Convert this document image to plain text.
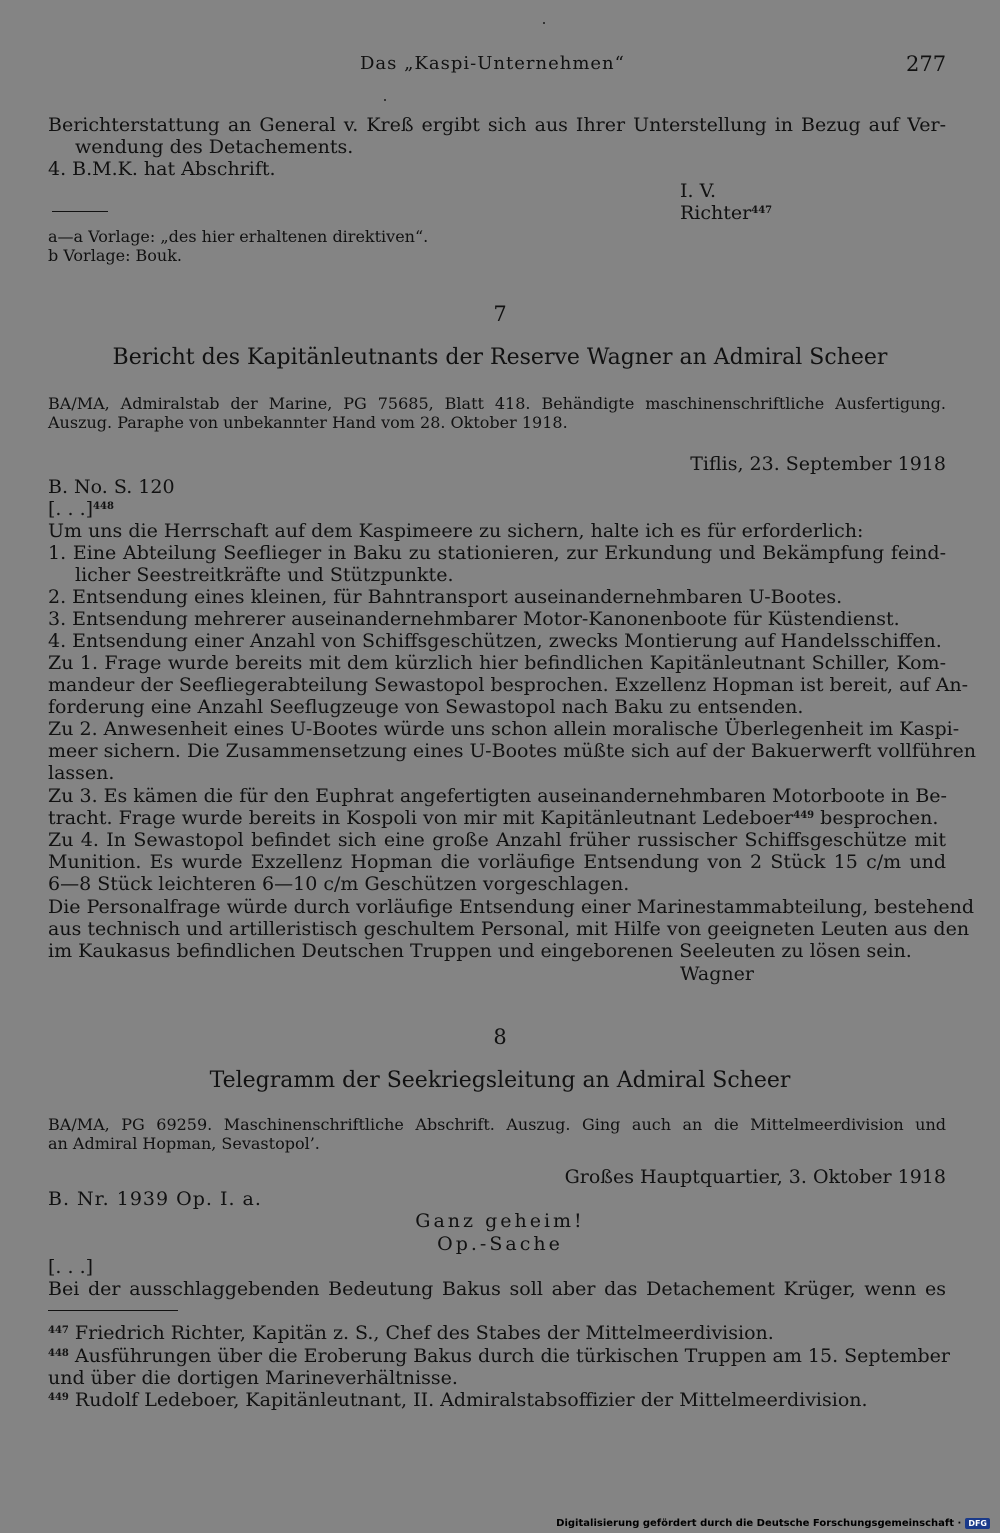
Das „Kaspi-Unternehmen“	277
Berichterstattung an General v. Kreß ergibt sich aus Ihrer Unterstellung in Bezug auf Ver-
wendung des Detachements.
4. B.M.K. hat Abschrift.
I. V.
Richter$^{447}$
a—a Vorlage: „des hier erhaltenen direktiven“.
b Vorlage: Bouk.
7
Bericht des Kapitänleutnants der Reserve Wagner an Admiral Scheer
BA/MA, Admiralstab der Marine, PG 75685, Blatt 418. Behändigte maschinenschriftliche Ausfertigung.
Auszug. Paraphe von unbekannter Hand vom 28. Oktober 1918.
Tiflis, 23. September 1918
B. No. S. 120
[. . .]$^{448}$
Um uns die Herrschaft auf dem Kaspimeere zu sichern, halte ich es für erforderlich:
1. Eine Abteilung Seeflieger in Baku zu stationieren, zur Erkundung und Bekämpfung feind-
licher Seestreitkräfte und Stützpunkte.
2. Entsendung eines kleinen, für Bahntransport auseinandernehmbaren U-Bootes.
3. Entsendung mehrerer auseinandernehmbarer Motor-Kanonenboote für Küstendienst.
4. Entsendung einer Anzahl von Schiffsgeschützen, zwecks Montierung auf Handelsschiffen.
Zu 1. Frage wurde bereits mit dem kürzlich hier befindlichen Kapitänleutnant Schiller, Kom-
mandeur der Seefliegerabteilung Sewastopol besprochen. Exzellenz Hopman ist bereit, auf An-
forderung eine Anzahl Seeflugzeuge von Sewastopol nach Baku zu entsenden.
Zu 2. Anwesenheit eines U-Bootes würde uns schon allein moralische Überlegenheit im Kaspi-
meer sichern. Die Zusammensetzung eines U-Bootes müßte sich auf der Bakuerwerft vollführen
lassen.
Zu 3. Es kämen die für den Euphrat angefertigten auseinandernehmbaren Motorboote in Be-
tracht. Frage wurde bereits in Kospoli von mir mit Kapitänleutnant Ledeboer$^{449}$ besprochen.
Zu 4. In Sewastopol befindet sich eine große Anzahl früher russischer Schiffsgeschütze mit
Munition. Es wurde Exzellenz Hopman die vorläufige Entsendung von 2 Stück 15 c/m und
6—8 Stück leichteren 6—10 c/m Geschützen vorgeschlagen.
Die Personalfrage würde durch vorläufige Entsendung einer Marinestammabteilung, bestehend
aus technisch und artilleristisch geschultem Personal, mit Hilfe von geeigneten Leuten aus den
im Kaukasus befindlichen Deutschen Truppen und eingeborenen Seeleuten zu lösen sein.
Wagner
8
Telegramm der Seekriegsleitung an Admiral Scheer
BA/MA, PG 69259. Maschinenschriftliche Abschrift. Auszug. Ging auch an die Mittelmeerdivision und
an Admiral Hopman, Sevastopol’.
Großes Hauptquartier, 3. Oktober 1918
B. Nr. 1939 Op. I. a.
Ganz geheim!
Op.-Sache
[. . .]
Bei der ausschlaggebenden Bedeutung Bakus soll aber das Detachement Krüger, wenn es
$^{447}$ Friedrich Richter, Kapitän z. S., Chef des Stabes der Mittelmeerdivision.
$^{448}$ Ausführungen über die Eroberung Bakus durch die türkischen Truppen am 15. September
und über die dortigen Marineverhältnisse.
$^{449}$ Rudolf Ledeboer, Kapitänleutnant, II. Admiralstabsoffizier der Mittelmeerdivision.
Digitalisierung gefördert durch die Deutsche Forschungsgemeinschaft · DFG
